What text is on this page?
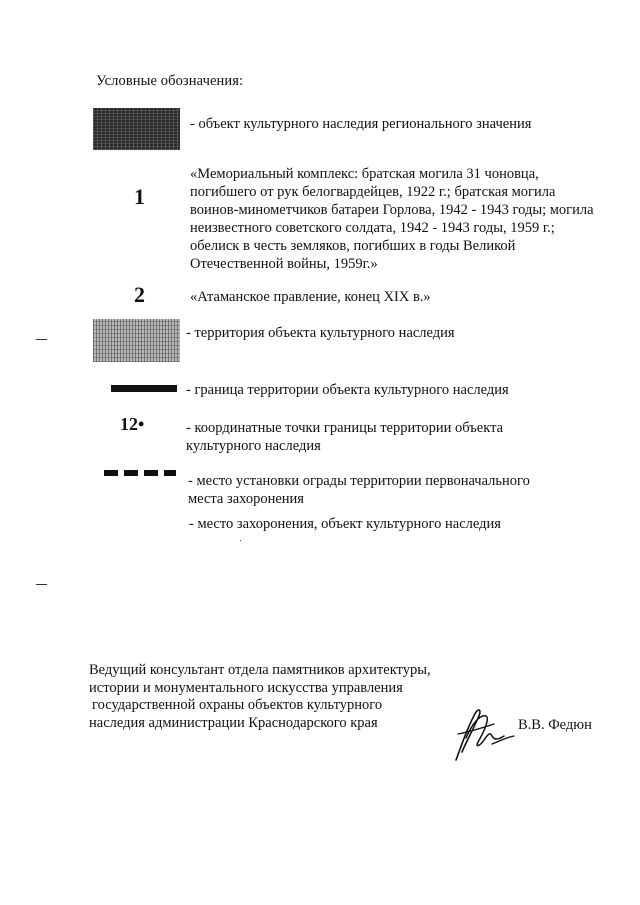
Условные обозначения:
- объект культурного наследия регионального значения
1
«Мемориальный комплекс: братская могила 31 чоновца,
погибшего от рук белогвардейцев, 1922 г.; братская могила
воинов-минометчиков батареи Горлова, 1942 - 1943 годы; могила
неизвестного советского солдата, 1942 - 1943 годы, 1959 г.;
обелиск в честь земляков, погибших в годы Великой
Отечественной войны, 1959г.»
2	«Атаманское правление, конец XIX в.»
- территория объекта культурного наследия
- граница территории объекта культурного наследия
12•	- координатные точки границы территории объекта культурного наследия
- место установки ограды территории первоначального места захоронения
- место захоронения, объект культурного наследия
Ведущий консультант отдела памятников архитектуры,
истории и монументального искусства управления
государственной охраны объектов культурного
наследия администрации Краснодарского края	В.В. Федюн
